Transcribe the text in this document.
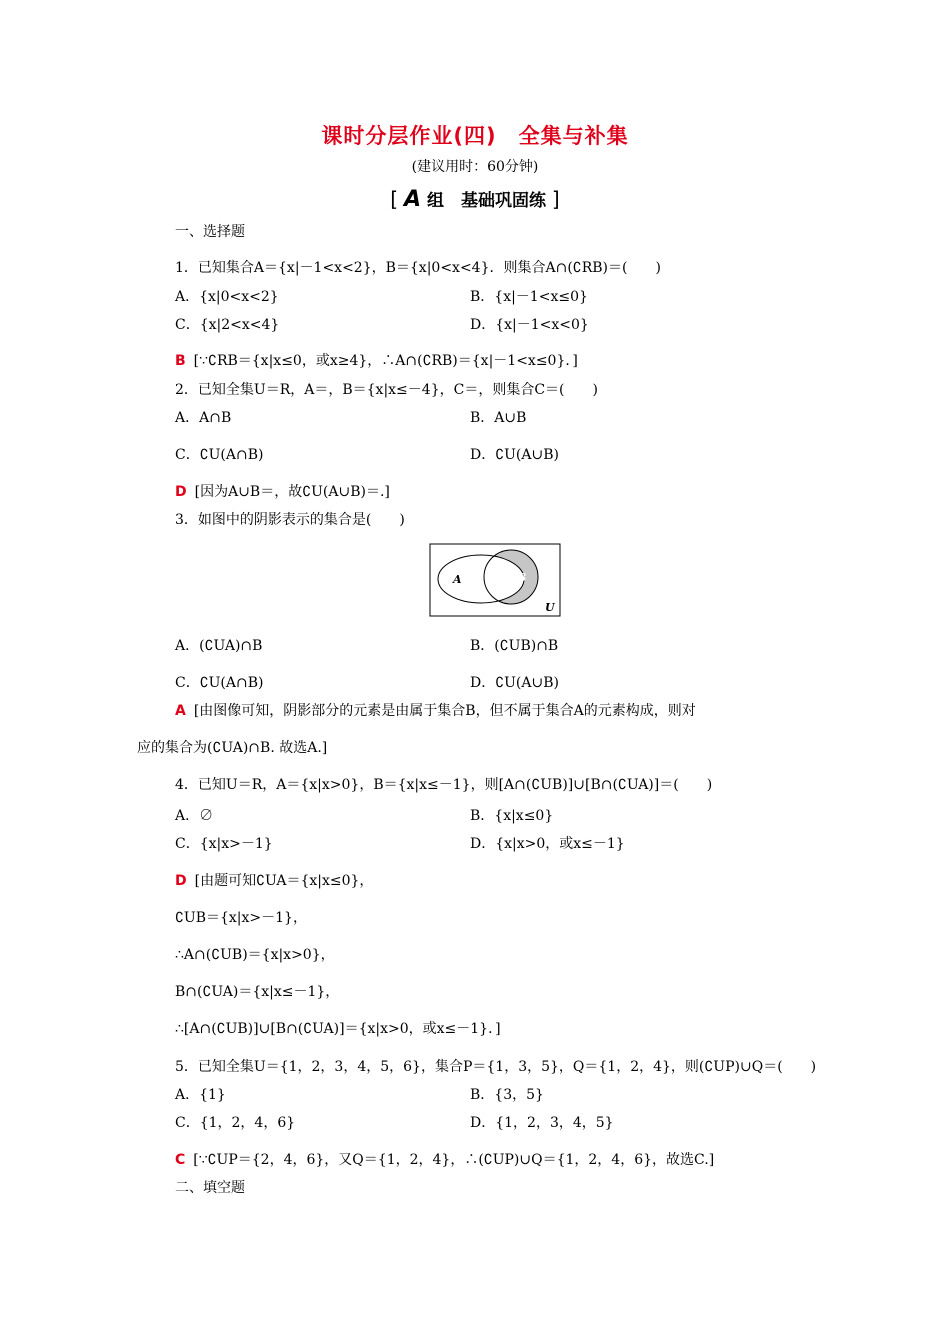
课时分层作业(四)　全集与补集
(建议用时：60分钟)
[ A 组　基础巩固练 ]
一、选择题
1．已知集合A＝{x|－1<x<2}，B＝{x|0<x<4}．则集合A∩(∁RB)＝(　　)
A．{x|0<x<2}	B．{x|－1<x≤0}
C．{x|2<x<4}	D．{x|－1<x<0}
B [∵∁RB＝{x|x≤0，或x≥4}，∴A∩(∁RB)＝{x|－1<x≤0}．]
2．已知全集U＝R，A＝，B＝{x|x≤－4}，C＝，则集合C＝(　　)
A．A∩B	B．A∪B
C．∁U(A∩B)	D．∁U(A∪B)
D [因为A∪B＝，故∁U(A∪B)＝.]
3．如图中的阴影表示的集合是(　　)
A．(∁UA)∩B	B．(∁UB)∩B
C．∁U(A∩B)	D．∁U(A∪B)
A [由图像可知，阴影部分的元素是由属于集合B，但不属于集合A的元素构成，则对
应的集合为(∁UA)∩B. 故选A.]
4．已知U＝R，A＝{x|x>0}，B＝{x|x≤－1}，则[A∩(∁UB)]∪[B∩(∁UA)]＝(　　)
A．∅	B．{x|x≤0}
C．{x|x>－1}	D．{x|x>0，或x≤－1}
D [由题可知∁UA＝{x|x≤0}，
∁UB＝{x|x>－1}，
∴A∩(∁UB)＝{x|x>0}，
B∩(∁UA)＝{x|x≤－1}，
∴[A∩(∁UB)]∪[B∩(∁UA)]＝{x|x>0，或x≤－1}．]
5．已知全集U＝{1，2，3，4，5，6}，集合P＝{1，3，5}，Q＝{1，2，4}，则(∁UP)∪Q＝(　　)
A．{1}	B．{3，5}
C．{1，2，4，6}	D．{1，2，3，4，5}
C [∵∁UP＝{2，4，6}，又Q＝{1，2，4}，∴(∁UP)∪Q＝{1，2，4，6}，故选C.]
A	B
U
二、填空题
